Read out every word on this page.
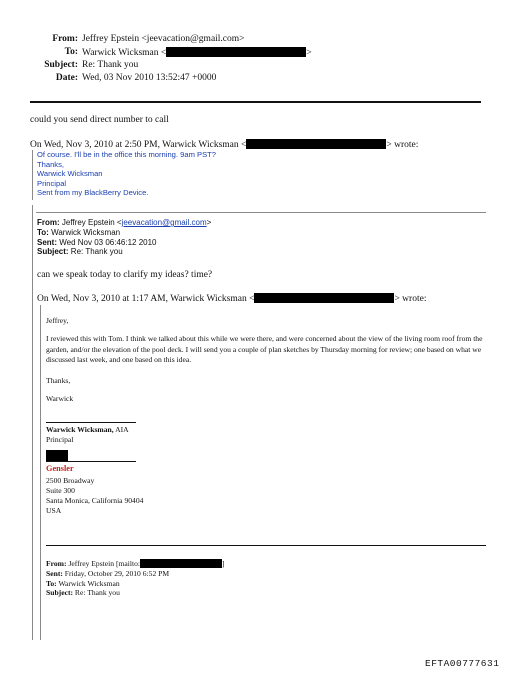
From: Jeffrey Epstein <jeevacation@gmail.com>
To: Warwick Wicksman <	>
Subject: Re: Thank you
Date: Wed, 03 Nov 2010 13:52:47 +0000
could you send direct number to call
On Wed, Nov 3, 2010 at 2:50 PM, Warwick Wicksman <	> wrote:
Of course. I'll be in the office this morning. 9am PST?
Thanks,
Warwick Wicksman
Principal
Sent from my BlackBerry Device.
From: Jeffrey Epstein <jeevacation@gmail.com>
To: Warwick Wicksman
Sent: Wed Nov 03 06:46:12 2010
Subject: Re: Thank you
can we speak today to clarify my ideas? time?
On Wed, Nov 3, 2010 at 1:17 AM, Warwick Wicksman <	> wrote:
Jeffrey,
I reviewed this with Tom. I think we talked about this while we were there, and were concerned about the view of the living room roof from the garden, and/or the elevation of the pool deck. I will send you a couple of plan sketches by Thursday morning for review; one based on what we discussed last week, and one based on this idea.
Thanks,
Warwick
Warwick Wicksman, AIA
Principal
Gensler
2500 Broadway
Suite 300
Santa Monica, California 90404
USA
From: Jeffrey Epstein [mailto:	]
Sent: Friday, October 29, 2010 6:52 PM
To: Warwick Wicksman
Subject: Re: Thank you
EFTA00777631
